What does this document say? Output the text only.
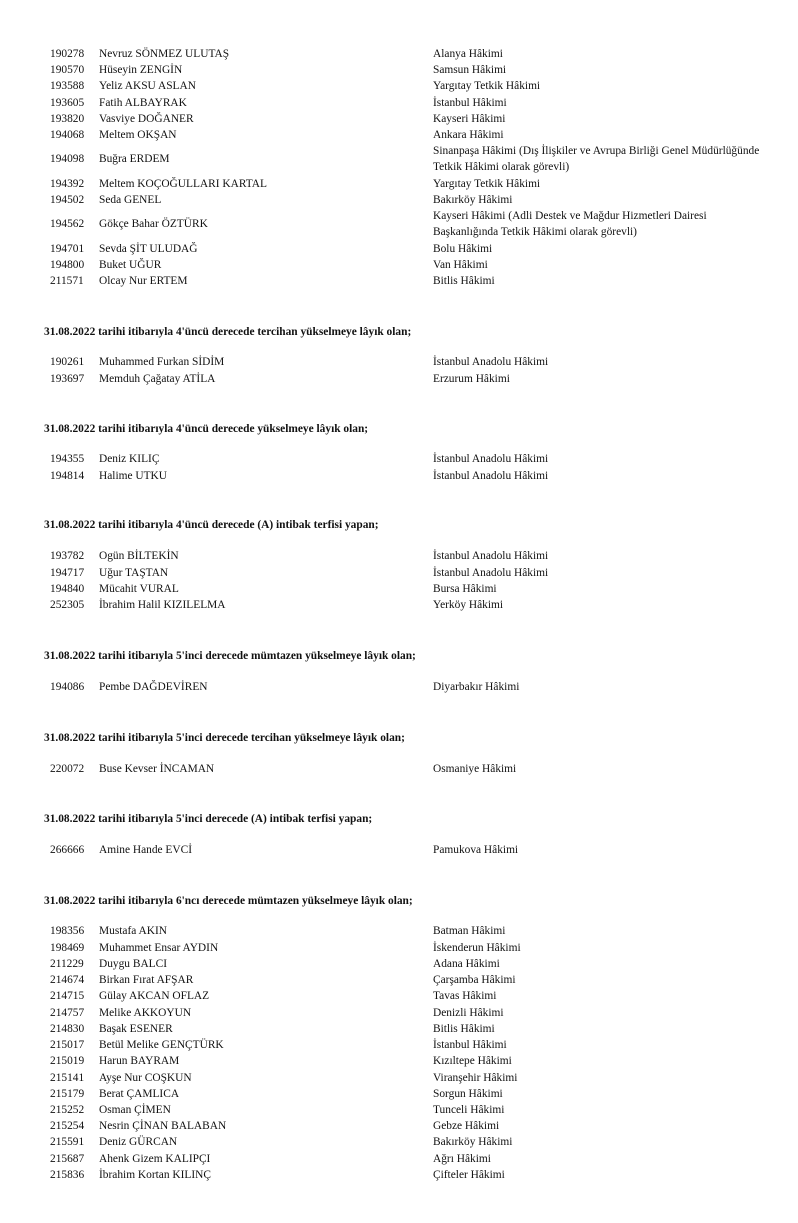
190278	Nevruz SÖNMEZ ULUTAŞ	Alanya Hâkimi
190570	Hüseyin ZENGİN	Samsun Hâkimi
193588	Yeliz AKSU ASLAN	Yargıtay Tetkik Hâkimi
193605	Fatih ALBAYRAK	İstanbul Hâkimi
193820	Vasviye DOĞANER	Kayseri Hâkimi
194068	Meltem OKŞAN	Ankara Hâkimi
194098	Buğra ERDEM
Sinanpaşa Hâkimi (Dış İlişkiler ve Avrupa Birliği Genel Müdürlüğünde Tetkik Hâkimi olarak görevli)
194392	Meltem KOÇOĞULLARI KARTAL	Yargıtay Tetkik Hâkimi
194502	Seda GENEL	Bakırköy Hâkimi
194562	Gökçe Bahar ÖZTÜRK
Kayseri Hâkimi (Adli Destek ve Mağdur Hizmetleri Dairesi Başkanlığında Tetkik Hâkimi olarak görevli)
194701	Sevda ŞİT ULUDAĞ	Bolu Hâkimi
194800	Buket UĞUR	Van Hâkimi
211571	Olcay Nur ERTEM	Bitlis Hâkimi
31.08.2022 tarihi itibarıyla 4'üncü derecede tercihan yükselmeye lâyık olan;
190261	Muhammed Furkan SİDİM	İstanbul Anadolu Hâkimi
193697	Memduh Çağatay ATİLA	Erzurum Hâkimi
31.08.2022 tarihi itibarıyla 4'üncü derecede yükselmeye lâyık olan;
194355	Deniz KILIÇ	İstanbul Anadolu Hâkimi
194814	Halime UTKU	İstanbul Anadolu Hâkimi
31.08.2022 tarihi itibarıyla 4'üncü derecede (A) intibak terfisi yapan;
193782	Ogün BİLTEKİN	İstanbul Anadolu Hâkimi
194717	Uğur TAŞTAN	İstanbul Anadolu Hâkimi
194840	Mücahit VURAL	Bursa Hâkimi
252305	İbrahim Halil KIZILELMA	Yerköy Hâkimi
31.08.2022 tarihi itibarıyla 5'inci derecede mümtazen yükselmeye lâyık olan;
194086	Pembe DAĞDEVİREN	Diyarbakır Hâkimi
31.08.2022 tarihi itibarıyla 5'inci derecede tercihan yükselmeye lâyık olan;
220072	Buse Kevser İNCAMAN	Osmaniye Hâkimi
31.08.2022 tarihi itibarıyla 5'inci derecede (A) intibak terfisi yapan;
266666	Amine Hande EVCİ	Pamukova Hâkimi
31.08.2022 tarihi itibarıyla 6'ncı derecede mümtazen yükselmeye lâyık olan;
198356	Mustafa AKIN	Batman Hâkimi
198469	Muhammet Ensar AYDIN	İskenderun Hâkimi
211229	Duygu BALCI	Adana Hâkimi
214674	Birkan Fırat AFŞAR	Çarşamba Hâkimi
214715	Gülay AKCAN OFLAZ	Tavas Hâkimi
214757	Melike AKKOYUN	Denizli Hâkimi
214830	Başak ESENER	Bitlis Hâkimi
215017	Betül Melike GENÇTÜRK	İstanbul Hâkimi
215019	Harun BAYRAM	Kızıltepe Hâkimi
215141	Ayşe Nur COŞKUN	Viranşehir Hâkimi
215179	Berat ÇAMLICA	Sorgun Hâkimi
215252	Osman ÇİMEN	Tunceli Hâkimi
215254	Nesrin ÇİNAN BALABAN	Gebze Hâkimi
215591	Deniz GÜRCAN	Bakırköy Hâkimi
215687	Ahenk Gizem KALIPÇI	Ağrı Hâkimi
215836	İbrahim Kortan KILINÇ	Çifteler Hâkimi
